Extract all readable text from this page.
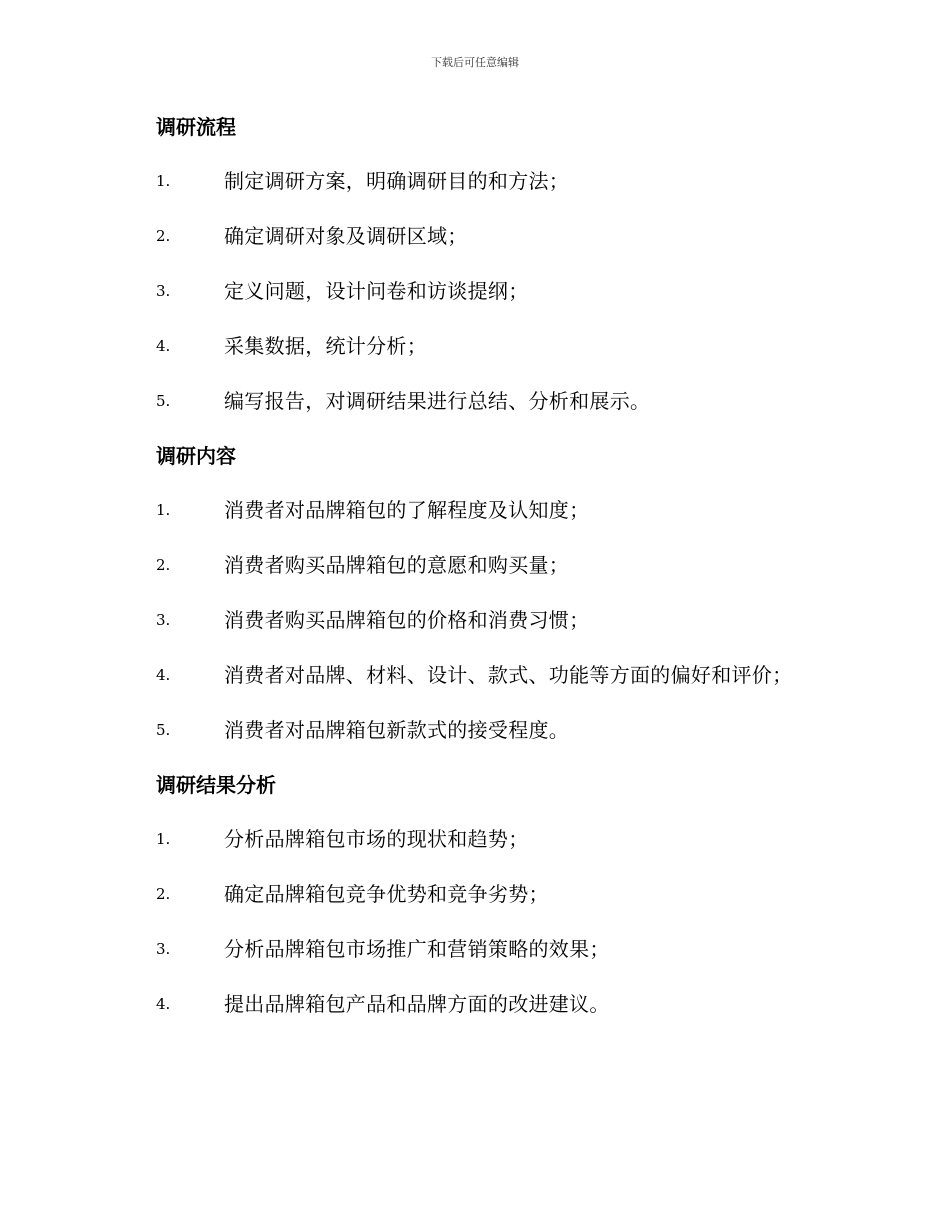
下载后可任意编辑
调研流程
1.	制定调研方案，明确调研目的和方法；
2.	确定调研对象及调研区域；
3.	定义问题，设计问卷和访谈提纲；
4.	采集数据，统计分析；
5.	编写报告，对调研结果进行总结、分析和展示。
调研内容
1.	消费者对品牌箱包的了解程度及认知度；
2.	消费者购买品牌箱包的意愿和购买量；
3.	消费者购买品牌箱包的价格和消费习惯；
4.	消费者对品牌、材料、设计、款式、功能等方面的偏好和评价；
5.	消费者对品牌箱包新款式的接受程度。
调研结果分析
1.	分析品牌箱包市场的现状和趋势；
2.	确定品牌箱包竞争优势和竞争劣势；
3.	分析品牌箱包市场推广和营销策略的效果；
4.	提出品牌箱包产品和品牌方面的改进建议。
